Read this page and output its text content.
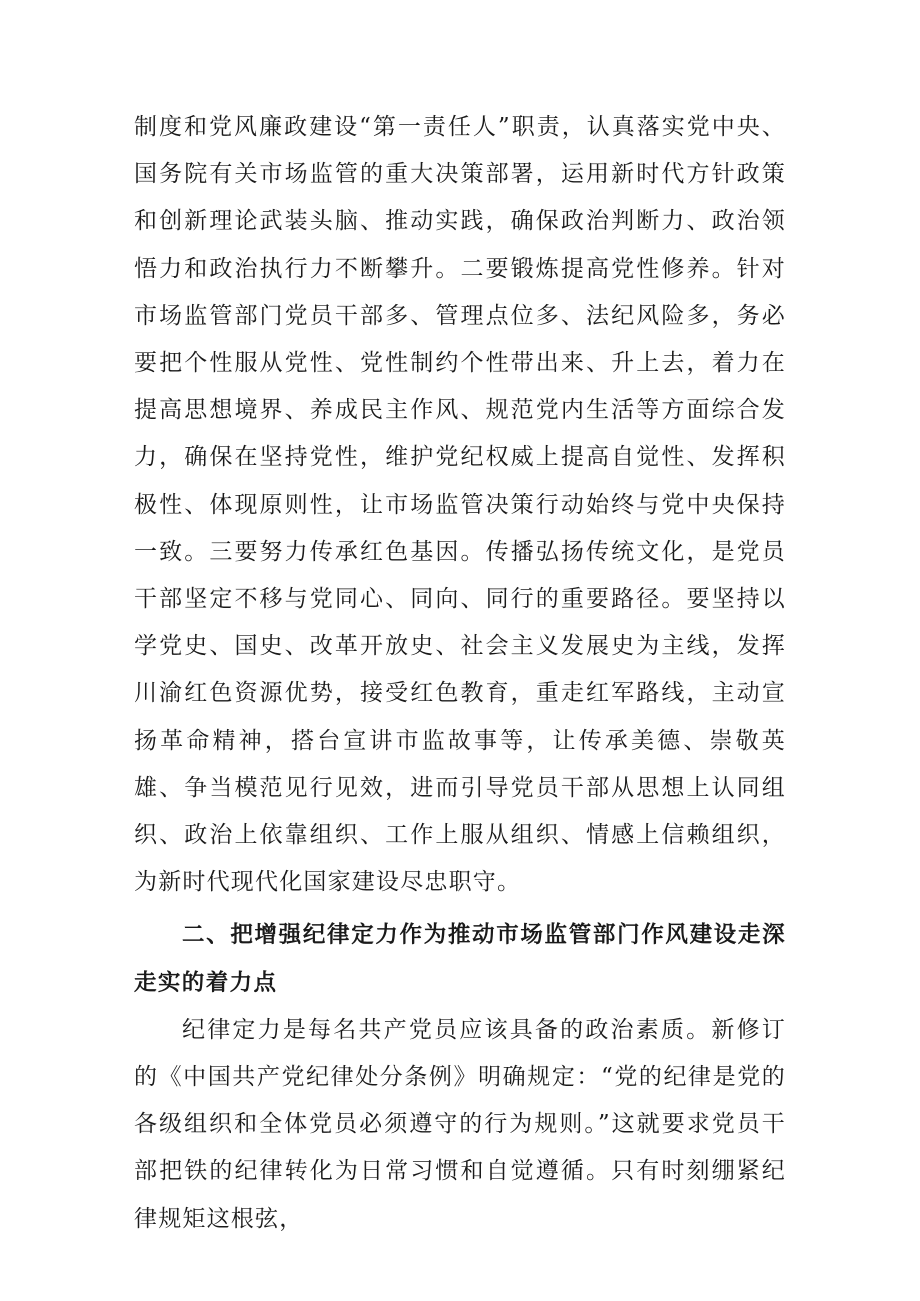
制度和党风廉政建设“第一责任人”职责，认真落实党中央、国务院有关市场监管的重大决策部署，运用新时代方针政策和创新理论武装头脑、推动实践，确保政治判断力、政治领悟力和政治执行力不断攀升。二要锻炼提高党性修养。针对市场监管部门党员干部多、管理点位多、法纪风险多，务必要把个性服从党性、党性制约个性带出来、升上去，着力在提高思想境界、养成民主作风、规范党内生活等方面综合发力，确保在坚持党性，维护党纪权威上提高自觉性、发挥积极性、体现原则性，让市场监管决策行动始终与党中央保持一致。三要努力传承红色基因。传播弘扬传统文化，是党员干部坚定不移与党同心、同向、同行的重要路径。要坚持以学党史、国史、改革开放史、社会主义发展史为主线，发挥川渝红色资源优势，接受红色教育，重走红军路线，主动宣扬革命精神，搭台宣讲市监故事等，让传承美德、崇敬英雄、争当模范见行见效，进而引导党员干部从思想上认同组织、政治上依靠组织、工作上服从组织、情感上信赖组织，为新时代现代化国家建设尽忠职守。

二、把增强纪律定力作为推动市场监管部门作风建设走深走实的着力点

纪律定力是每名共产党员应该具备的政治素质。新修订的《中国共产党纪律处分条例》明确规定：“党的纪律是党的各级组织和全体党员必须遵守的行为规则。”这就要求党员干部把铁的纪律转化为日常习惯和自觉遵循。只有时刻绷紧纪律规矩这根弦，
